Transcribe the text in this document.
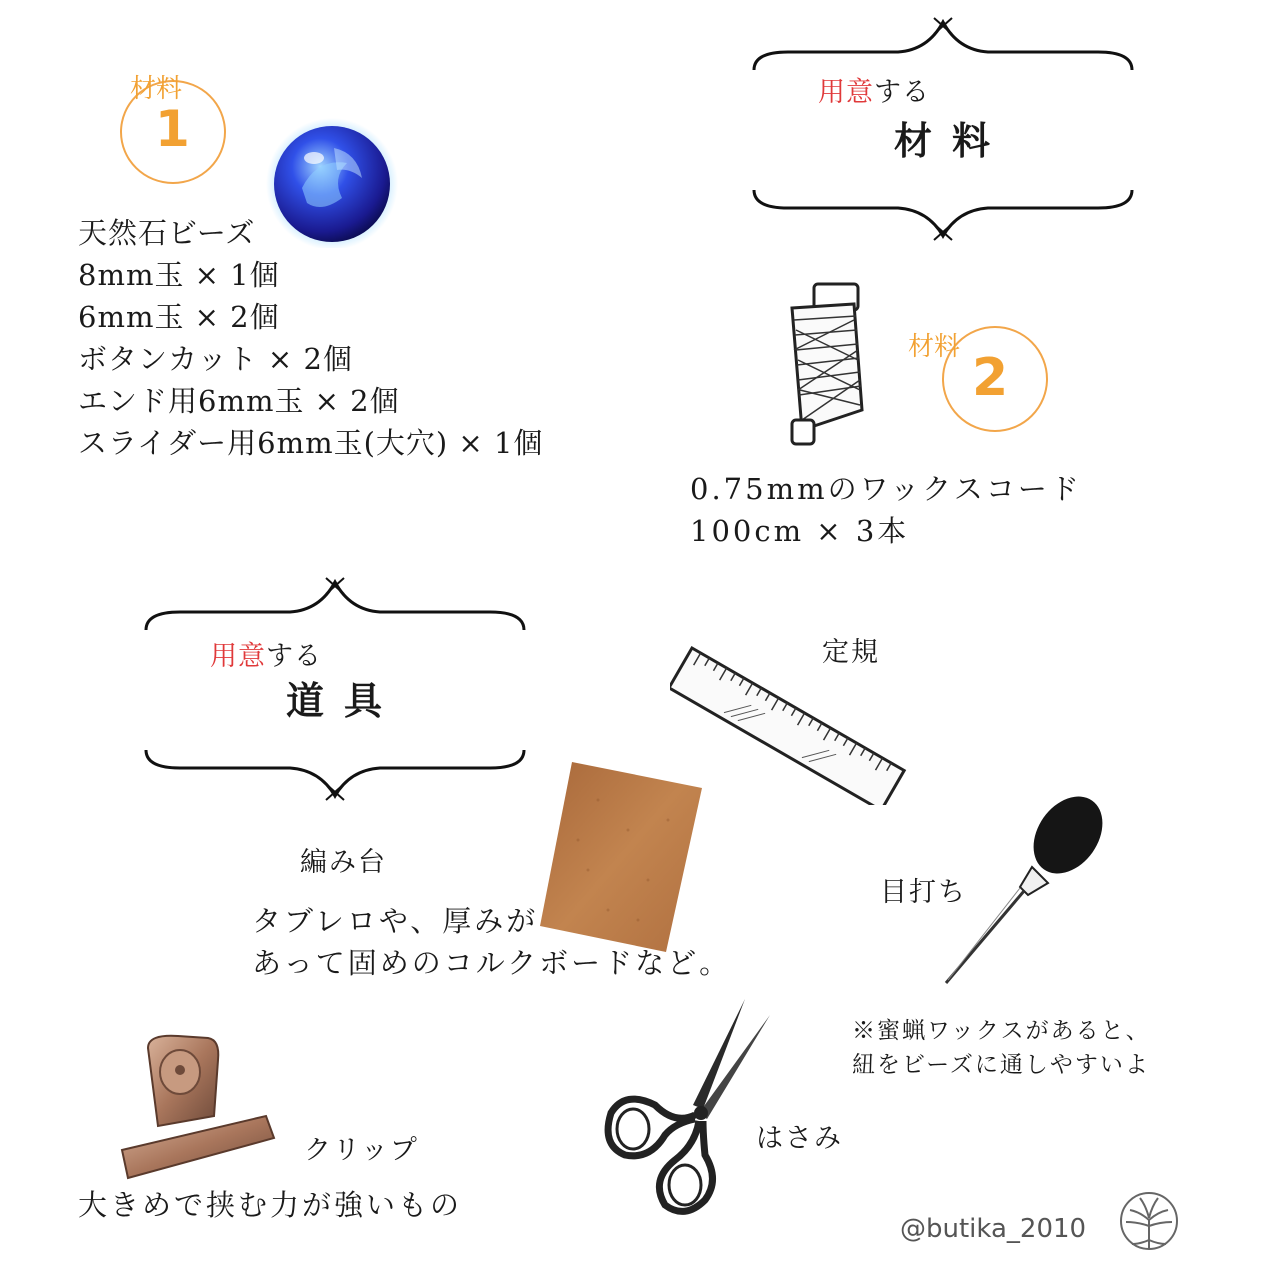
材料
1
天然石ビーズ
8mm玉 × 1個
6mm玉 × 2個
ボタンカット × 2個
エンド用6mm玉 × 2個
スライダー用6mm玉(大穴) × 1個
用意する
材料
材料
2
0.75mmのワックスコード
100cm × 3本
用意する
道具
定規
編み台
タブレロや、厚みが
あって固めのコルクボードなど。
目打ち
※蜜蝋ワックスがあると、
紐をビーズに通しやすいよ
はさみ
クリップ
大きめで挟む力が強いもの
@butika_2010
